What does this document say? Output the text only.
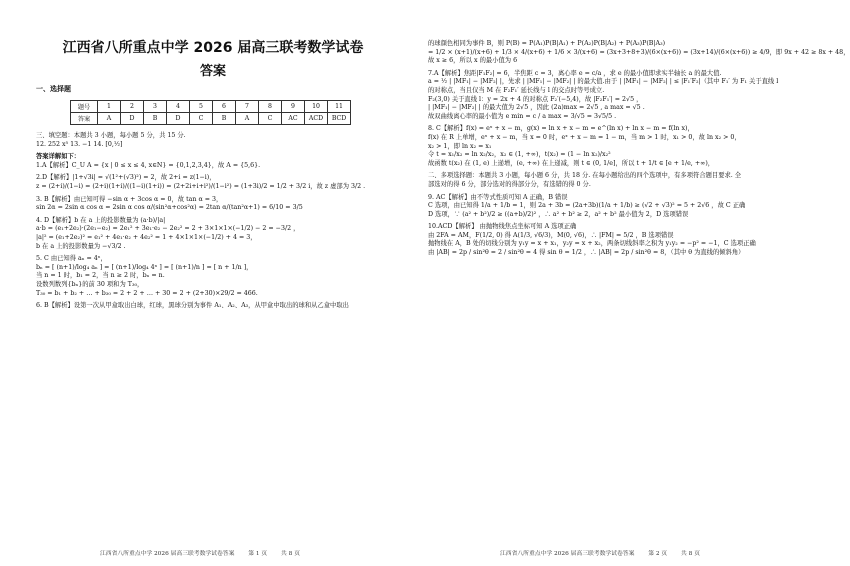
江西省八所重点中学 2026 届高三联考数学试卷
答案
一、选择题
题号	1	2	3	4	5	6	7	8	9	10	11
答案	A	D	B	D	C	B	A	C	AC	ACD	BCD
三、填空题：本题共 3 小题，每小题 5 分，共 15 分.
12. 252 x⁵ 13. −1 14. [0,½]
答案详解如下：
1.A【解析】C_U A = {x | 0 ≤ x ≤ 4, x∈N} = {0,1,2,3,4}，故 A = {5,6}.
2.D【解析】|1+√3i| = √(1²+(√3)²) = 2，故 2+i = z(1−i)，
z = (2+i)/(1−i) = (2+i)(1+i)/((1−i)(1+i)) = (2+2i+i+i²)/(1−i²) = (1+3i)/2 = 1/2 + 3/2 i，故 z 虚部为 3/2 .
3. B【解析】由已知可得 −sin α + 3cos α = 0，故 tan α = 3，
sin 2α = 2sin α cos α = 2sin α cos α/(sin²α+cos²α) = 2tan α/(tan²α+1) = 6/10 = 3/5
4. D【解析】b 在 a 上的投影数量为 (a·b)/|a|
a·b = (e₁+2e₂)·(2e₁−e₂) = 2e₁² + 3e₁·e₂ − 2e₂² = 2 + 3×1×1×(−1/2) − 2 = −3/2 ，
|a|² = (e₁+2e₂)² = e₁² + 4e₁·e₂ + 4e₂² = 1 + 4×1×1×(−1/2) + 4 = 3，
b 在 a 上的投影数量为 −√3/2 .
5. C 由已知得 aₙ = 4ⁿ，
bₙ = [ (n+1)/log₄ aₙ ] = [ (n+1)/log₄ 4ⁿ ] = [ (n+1)/n ] = [ n + 1/n ]，
当 n = 1 时，b₁ = 2，当 n ≥ 2 时，bₙ = n.
设数列数列{bₙ}的前 30 项和为 T₃₀，
T₃₀ = b₁ + b₂ + … + b₃₀ = 2 + 2 + … + 30 = 2 + (2+30)×29/2 = 466.
6. B【解析】设第一次从甲盒取出白球，红球，黑球分别为事件 A₁、A₂、A₃，从甲盒中取出的球和从乙盒中取出
江西省八所重点中学 2026 届高三联考数学试卷答案 第 1 页 共 8 页
的球颜色相同为事件 B，则 P(B) = P(A₁)P(B|A₁) + P(A₂)P(B|A₂) + P(A₃)P(B|A₃)
= 1/2 × (x+1)/(x+6) + 1/3 × 4/(x+6) + 1/6 × 3/(x+6) = (3x+3+8+3)/(6×(x+6)) = (3x+14)/(6×(x+6)) ≥ 4/9，即 9x + 42 ≥ 8x + 48，
故 x ≥ 6，所以 x 的最小值为 6
7.A【解析】焦距|F₁F₂| = 6，半焦距 c = 3，离心率 e = c/a ，求 e 的最小值即求实半轴长 a 的最大值.
a = ½ | |MF₁| − |MF₂| |，先求 | |MF₁| − |MF₂| | 的最大值.由于 | |MF₁| − |MF₂| | ≤ |F₁′F₂|（其中 F₁′ 为 F₁ 关于直线 l
的对称点，当且仅当 M 在 F₂F₁′ 延长线与 l 的交点时等号成立.
F₂(3,0) 关于直线 l：y = 2x + 4 的对称点 F₂′(−5,4)，故 |F₂F₁′| = 2√5 ，
| |MF₁| − |MF₂| | 的最大值为 2√5 ，因此 (2a)max = 2√5 , a max = √5 .
故双曲线离心率的最小值为 e min = c / a max = 3/√5 = 3√5/5 .
8. C【解析】f(x) = eˣ + x − m，g(x) = ln x + x − m = e^(ln x) + ln x − m = f(ln x)，
f(x) 在 R 上单增，eˣ + x − m，当 x = 0 时，eˣ + x − m = 1 − m，当 m > 1 时，x₁ > 0，故 ln x₂ > 0，
x₂ > 1，即 ln x₂ = x₁
令 t = x₁/x₂ = ln x₂/x₂，x₂ ∈ (1, +∞)，t(x₂) = (1 − ln x₂)/x₂²
故函数 t(x₂) 在 (1, e) 上递增，(e, +∞) 在上递减，则 t ∈ (0, 1/e]，所以 t + 1/t ∈ [e + 1/e, +∞)，
二、多项选择题：本题共 3 小题，每小题 6 分，共 18 分. 在每小题给出的四个选项中，有多项符合题目要求. 全
部选对的得 6 分，部分选对的得部分分，有选错的得 0 分.
9. AC【解析】由不等式性质可知 A 正确，B 错误
C 选项，由已知得 1/a + 1/b = 1，则 2a + 3b = (2a+3b)(1/a + 1/b) ≥ (√2 + √3)² = 5 + 2√6 ，故 C 正确
D 选项，∵ (a² + b²)/2 ≥ ((a+b)/2)² ，∴ a² + b² ≥ 2，a² + b² 最小值为 2，D 选项错误
10.ACD【解析】 由抛物线焦点坐标可知 A 选项正确
由 2FA = AM，F(1/2, 0) 得 A(1/3, √6/3)，M(0, √6)，∴ |FM| = 5/2 ，B 选项错误
抛物线在 A，B 处的切线分别为 y₁y = x + x₁，y₂y = x + x₂，两条切线斜率之积为 y₁y₂ = −p² = −1，C 选项正确
由 |AB| = 2p / sin²θ = 2 / sin²θ = 4 得 sin θ = 1/2 ，∴ |AB| = 2p / sin²θ = 8，（其中 θ 为直线的倾斜角）
江西省八所重点中学 2026 届高三联考数学试卷答案 第 2 页 共 8 页
